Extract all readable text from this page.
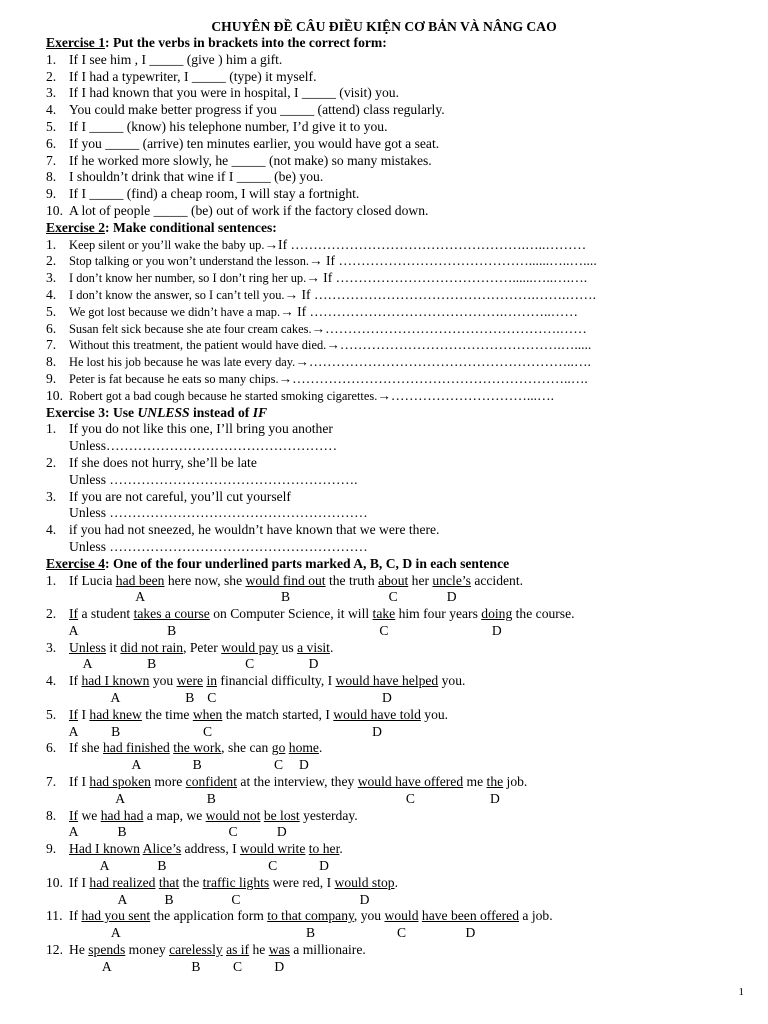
CHUYÊN ĐỀ CÂU ĐIỀU KIỆN CƠ BẢN VÀ NÂNG CAO
Exercise 1: Put the verbs in brackets into the correct form:
1. If I see him , I _____ (give ) him a gift.
2. If I had a typewriter, I _____ (type) it myself.
3. If I had known that you were in hospital, I _____ (visit) you.
4. You could make better progress if you _____ (attend) class regularly.
5. If I _____ (know) his telephone number, I’d give it to you.
6. If you _____ (arrive) ten minutes earlier, you would have got a seat.
7. If he worked more slowly, he _____ (not make) so many mistakes.
8. I shouldn’t drink that wine if I _____ (be) you.
9. If I _____ (find) a cheap room, I will stay a fortnight.
10. A lot of people _____ (be) out of work if the factory closed down.
Exercise 2: Make conditional sentences:
1.	Keep silent or you’ll wake the baby up. →If …………………………………………….…..………
2.	Stop talking or you won’t understand the lesson. → If ……………………………………......…..…....
3.	I don’t know her number, so I don’t ring her up. → If …………………………………......…..….….
4.	I don’t know the answer, so I can’t tell you. → If ………………………………………….…….…….
5.	We got lost because we didn’t have a map. → If …………………………………….………..……
6.	Susan felt sick because she ate four cream cakes. →…………………………………………….……
7.	Without this treatment, the patient would have died. →………………………………………….….....
8.	He lost his job because he was late every day. →…………………………………………………..….
9.	Peter is fat because he eats so many chips. →……………………………………………………..….
10. Robert got a bad cough because he started smoking cigarettes. →…………………………...….
Exercise 3: Use UNLESS instead of IF
1. If you do not like this one, I’ll bring you another
Unless……………………………………………
2. If she does not hurry, she’ll be late
Unless ……………………………………………….
3. If you are not careful, you’ll cut yourself
Unless …………………………………………………
4. if you had not sneezed, he wouldn’t have known that we were there.
Unless …………………………………………………
Exercise 4: One of the four underlined parts marked A, B, C, D in each sentence
1. If Lucia had been here now, she would find out the truth about her uncle’s accident.
A	B	C	D
2. If a student takes a course on Computer Science, it will take him four years doing the course.
A	B	C	D
3. Unless it did not rain, Peter would pay us a visit.
A	B	C	D
4. If had I known you were in financial difficulty, I would have helped you.
A	B C	D
5. If I had knew the time when the match started, I would have told you.
A B	C	D
6. If she had finished the work, she can go home.
A	B	C D
7. If I had spoken more confident at the interview, they would have offered me the job.
A	B	C	D
8. If we had had a map, we would not be lost yesterday.
A	B	C	D
9. Had I known Alice’s address, I would write to her.
A	B	C	D
10. If I had realized that the traffic lights were red, I would stop.
A	B	C	D
11. If had you sent the application form to that company, you would have been offered a job.
A	B	C	D
12. He spends money carelessly as if he was a millionaire.
A	B C D
1
